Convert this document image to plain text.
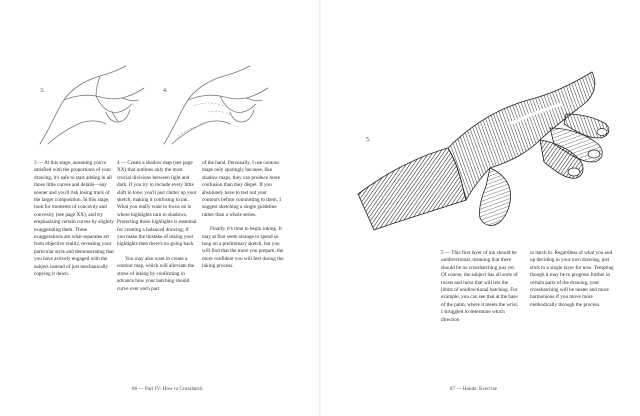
3.	4.

3 — At this stage, assuming you're satisfied with the proportions of your drawing, it's safe to start adding in all those little curves and details—any sooner and you'd risk losing track of the larger composition. In this stage, look for moments of concavity and convexity (see page XX), and try emphasizing certain curves by slightly exaggerating them. These exaggerations are what separates art from objective reality, revealing your particular style and demonstrating that you have actively engaged with the subject instead of just mechanically copying it down.

4 — Create a shadow map (see page XX) that outlines only the most crucial divisions between light and dark. If you try to include every little shift in tone, you'll just clutter up your sketch, making it confusing to ink. What you really want to focus on is where highlights turn to shadows. Protecting those highlights is essential for creating a balanced drawing; if you make the mistake of inking your highlights then there's no going back.

You may also want to create a contour map, which will alleviate the stress of inking by confirming in advance how your hatching should curve over each part

of the hand. Personally, I use contour maps only sparingly because, like shadow maps, they can produce more confusion than they dispel. If you absolutely have to test out your contours before committing to them, I suggest sketching a single guideline rather than a whole series.

Finally, it's time to begin inking. It may at first seem strange to spend so long on a preliminary sketch, but you will find that the more you prepare, the more confident you will feel during the inking process.

86 — Part IV: How to Crosshatch
5.

5 — This first layer of ink should be unidirectional, meaning that there should be no crosshatching just yet. Of course, the subject has all sorts of twists and turns that will test the limits of unidirectional hatching. For example, you can see that at the base of the palm, where it meets the wrist, I struggled to determine which direction

to hatch in. Regardless of what you end up deciding in your own drawing, just stick to a single layer for now. Tempting though it may be to progress further in certain parts of the drawing, your crosshatching will be neater and more harmonious if you move more methodically through the process.

87 — Hands: Exercise
